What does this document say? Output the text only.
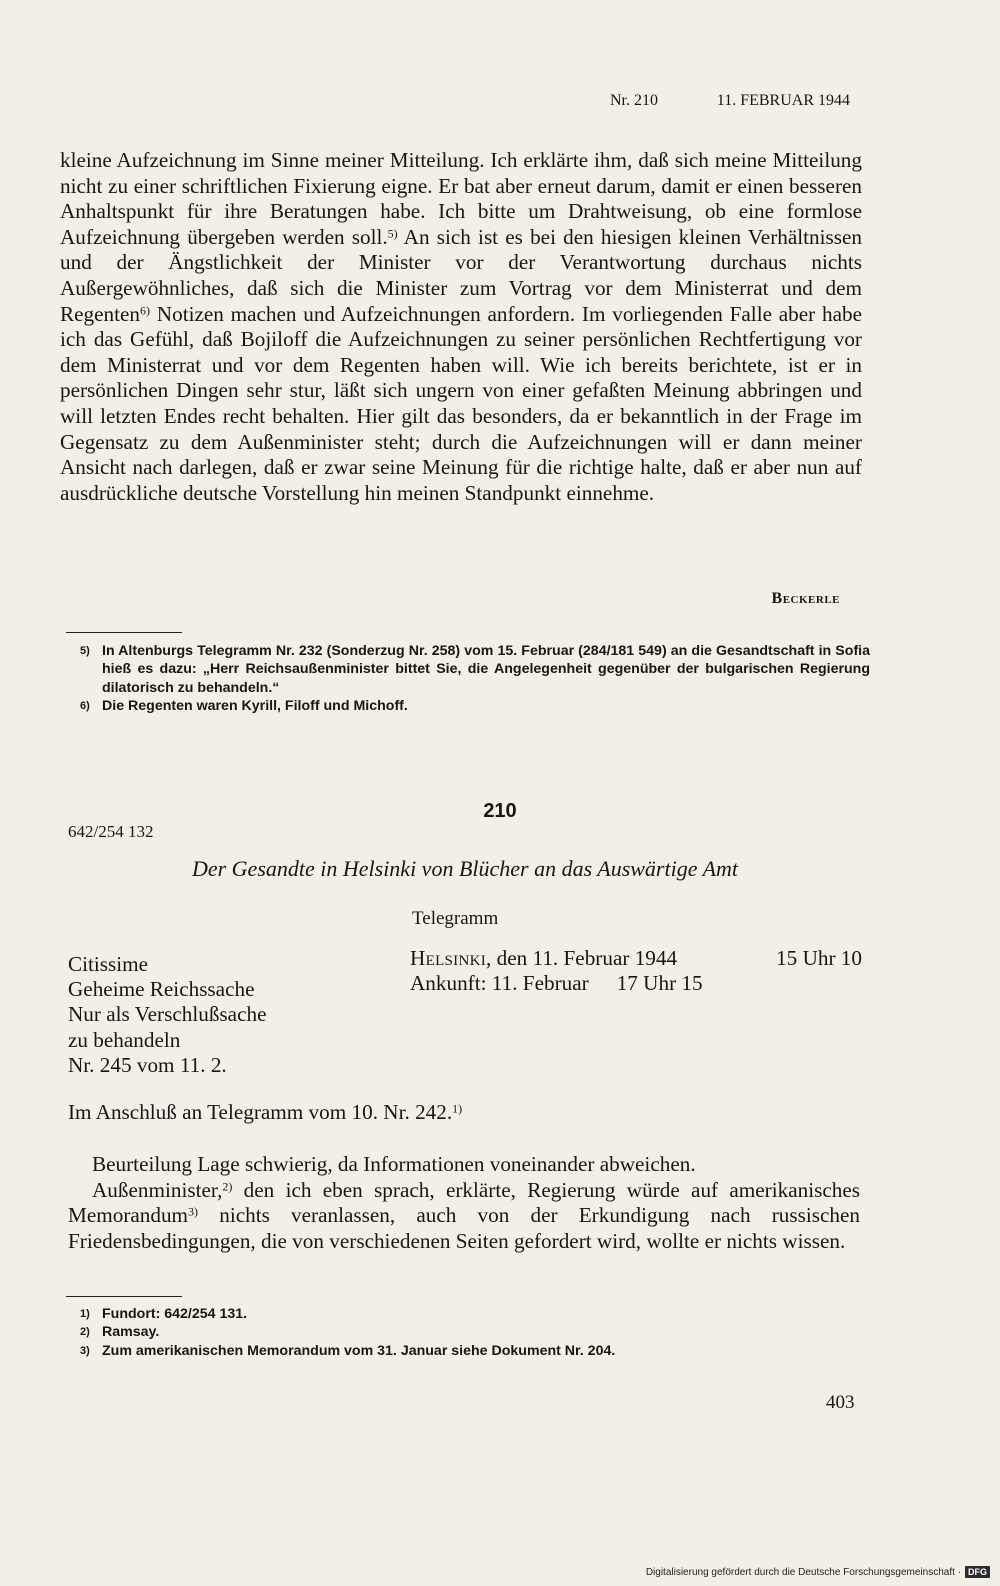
Nr. 210	11. FEBRUAR 1944

kleine Aufzeichnung im Sinne meiner Mitteilung. Ich erklärte ihm, daß sich meine Mitteilung nicht zu einer schriftlichen Fixierung eigne. Er bat aber erneut darum, damit er einen besseren Anhaltspunkt für ihre Beratungen habe. Ich bitte um Drahtweisung, ob eine formlose Aufzeichnung übergeben werden soll.$^{5)}$ An sich ist es bei den hiesigen kleinen Verhältnissen und der Ängstlichkeit der Minister vor der Verantwortung durchaus nichts Außergewöhnliches, daß sich die Minister zum Vortrag vor dem Ministerrat und dem Regenten$^{6)}$ Notizen machen und Aufzeichnungen anfordern. Im vorliegenden Falle aber habe ich das Gefühl, daß Bojiloff die Aufzeichnungen zu seiner persönlichen Rechtfertigung vor dem Ministerrat und vor dem Regenten haben will. Wie ich bereits berichtete, ist er in persönlichen Dingen sehr stur, läßt sich ungern von einer gefaßten Meinung abbringen und will letzten Endes recht behalten. Hier gilt das besonders, da er bekanntlich in der Frage im Gegensatz zu dem Außenminister steht; durch die Aufzeichnungen will er dann meiner Ansicht nach darlegen, daß er zwar seine Meinung für die richtige halte, daß er aber nun auf ausdrückliche deutsche Vorstellung hin meinen Standpunkt einnehme.

Beckerle
5) In Altenburgs Telegramm Nr. 232 (Sonderzug Nr. 258) vom 15. Februar (284/181 549) an die Gesandtschaft in Sofia hieß es dazu: „Herr Reichsaußenminister bittet Sie, die Angelegenheit gegenüber der bulgarischen Regierung dilatorisch zu behandeln.“
6) Die Regenten waren Kyrill, Filoff und Michoff.
210
642/254 132
Der Gesandte in Helsinki von Blücher an das Auswärtige Amt
Telegramm
Citissime
Geheime Reichssache
Nur als Verschlußsache
zu behandeln
Nr. 245 vom 11. 2.
Helsinki , den 11. Februar 1944	15 Uhr 10
Ankunft: 11. Februar 17 Uhr 15
Im Anschluß an Telegramm vom 10. Nr. 242.$^{1)}$

Beurteilung Lage schwierig, da Informationen voneinander abweichen.

Außenminister,$^{2)}$ den ich eben sprach, erklärte, Regierung würde auf amerikanisches Memorandum$^{3)}$ nichts veranlassen, auch von der Erkundigung nach russischen Friedensbedingungen, die von verschiedenen Seiten gefordert wird, wollte er nichts wissen.

1) Fundort: 642/254 131.
2) Ramsay.
3) Zum amerikanischen Memorandum vom 31. Januar siehe Dokument Nr. 204.
403
Digitalisierung gefördert durch die Deutsche Forschungsgemeinschaft · DFG
